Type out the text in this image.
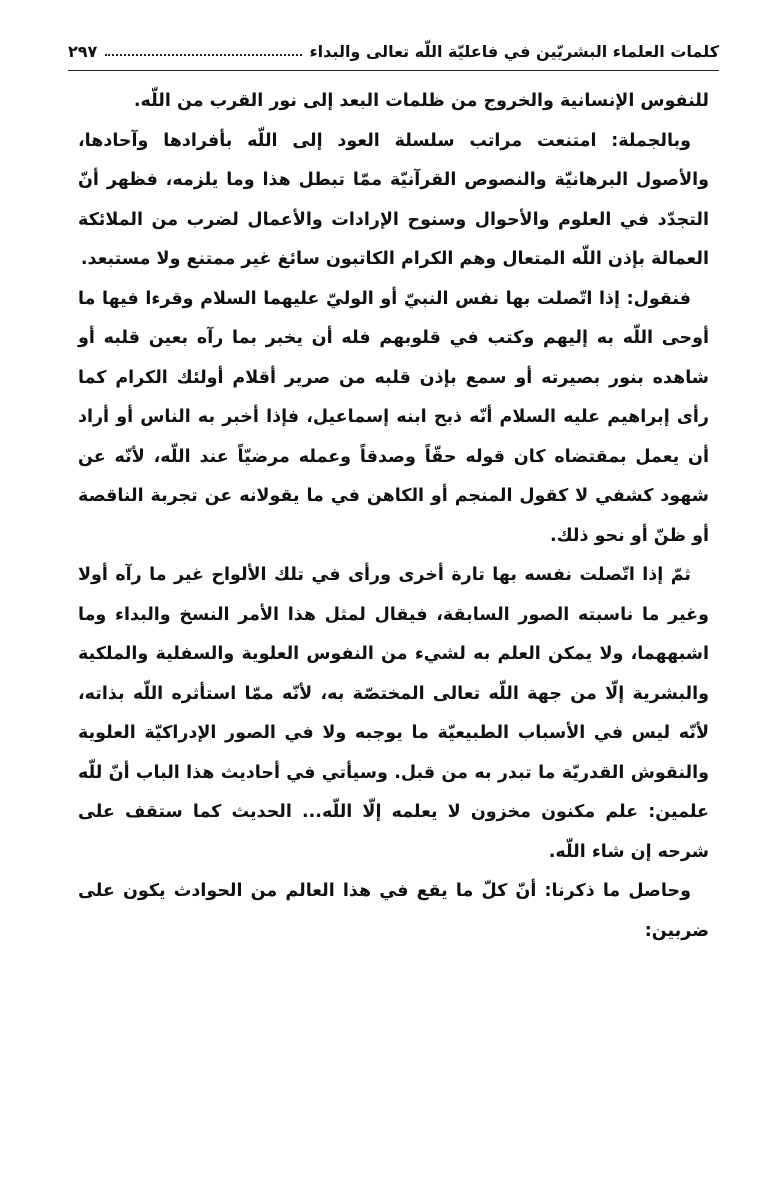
كلمات العلماء البشريّين في فاعليّة اللّه تعالى والبداء
٢٩٧

للنفوس الإنسانية والخروج من ظلمات البعد إلى نور القرب من اللّه.

وبالجملة: امتنعت مراتب سلسلة العود إلى اللّه بأفرادها وآحادها، والأصول البرهانيّة والنصوص القرآنيّة ممّا تبطل هذا وما يلزمه، فظهر أنّ التجدّد في العلوم والأحوال وسنوح الإرادات والأعمال لضرب من الملائكة العمالة بإذن اللّه المتعال وهم الكرام الكاتبون سائغ غير ممتنع ولا مستبعد.

فنقول: إذا اتّصلت بها نفس النبيّ أو الوليّ عليهما السلام وقرءا فيها ما أوحى اللّه به إليهم وكتب في قلوبهم فله أن يخبر بما رآه بعين قلبه أو شاهده بنور بصيرته أو سمع بإذن قلبه من صرير أقلام أولئك الكرام كما رأى إبراهيم عليه السلام أنّه ذبح ابنه إسماعيل، فإذا أخبر به الناس أو أراد أن يعمل بمقتضاه كان قوله حقّاً وصدقاً وعمله مرضيّاً عند اللّه، لأنّه عن شهود كشفي لا كقول المنجم أو الكاهن في ما يقولانه عن تجربة الناقصة أو ظنّ أو نحو ذلك.

ثمّ إذا اتّصلت نفسه بها تارة أخرى ورأى في تلك الألواح غير ما رآه أولا وغير ما ناسبته الصور السابقة، فيقال لمثل هذا الأمر النسخ والبداء وما اشبههما، ولا يمكن العلم به لشيء من النفوس العلوية والسفلية والملكية والبشرية إلّا من جهة اللّه تعالى المختصّة به، لأنّه ممّا استأثره اللّه بذاته، لأنّه ليس في الأسباب الطبيعيّة ما يوجبه ولا في الصور الإدراكيّة العلوية والنقوش القدريّة ما تبدر به من قبل. وسيأتي في أحاديث هذا الباب أنّ للّه علمين: علم مكنون مخزون لا يعلمه إلّا اللّه... الحديث كما ستقف على شرحه إن شاء اللّه.

وحاصل ما ذكرنا: أنّ كلّ ما يقع في هذا العالم من الحوادث يكون على ضربين:
